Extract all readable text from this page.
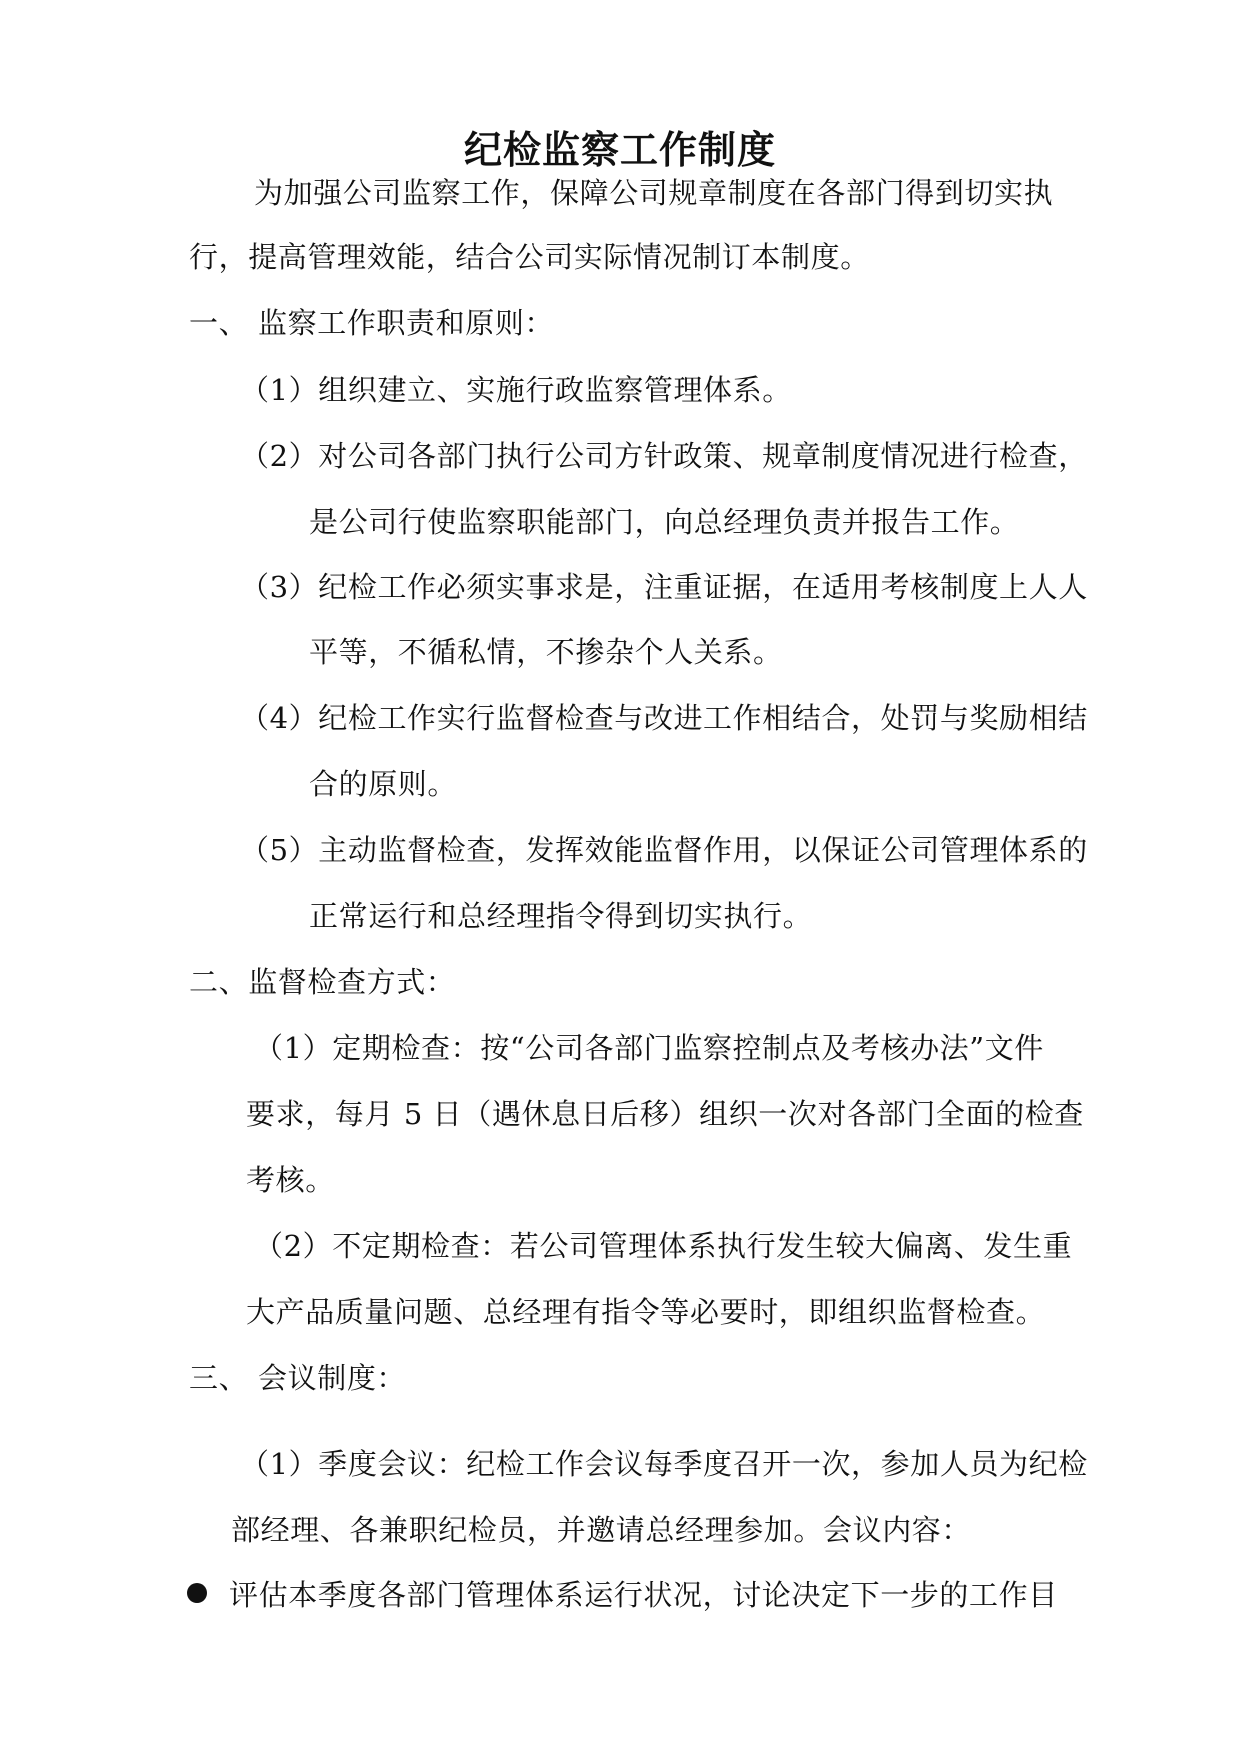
纪检监察工作制度
为加强公司监察工作，保障公司规章制度在各部门得到切实执
行，提高管理效能，结合公司实际情况制订本制度。
一、 监察工作职责和原则：
（1）组织建立、实施行政监察管理体系。
（2）对公司各部门执行公司方针政策、规章制度情况进行检查，
是公司行使监察职能部门，向总经理负责并报告工作。
（3）纪检工作必须实事求是，注重证据，在适用考核制度上人人
平等，不循私情，不掺杂个人关系。
（4）纪检工作实行监督检查与改进工作相结合，处罚与奖励相结
合的原则。
（5）主动监督检查，发挥效能监督作用，以保证公司管理体系的
正常运行和总经理指令得到切实执行。
二、监督检查方式：
（1）定期检查：按“公司各部门监察控制点及考核办法”文件
要求，每月 5 日（遇休息日后移）组织一次对各部门全面的检查
考核。
（2）不定期检查：若公司管理体系执行发生较大偏离、发生重
大产品质量问题、总经理有指令等必要时，即组织监督检查。
三、 会议制度：
（1）季度会议：纪检工作会议每季度召开一次，参加人员为纪检
部经理、各兼职纪检员，并邀请总经理参加。会议内容：
评估本季度各部门管理体系运行状况，讨论决定下一步的工作目
